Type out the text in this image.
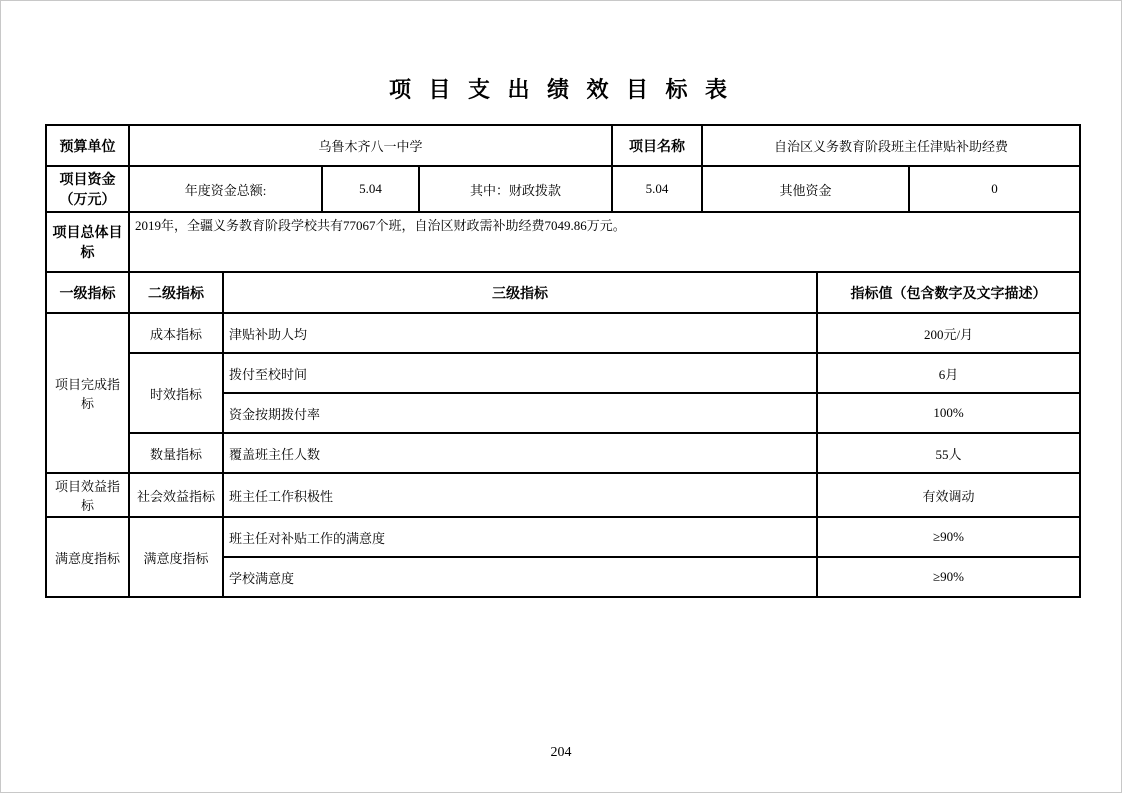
项 目 支 出 绩 效 目 标 表
预算单位	乌鲁木齐八一中学			项目名称	自治区义务教育阶段班主任津贴补助经费	
项目资金（万元）	年度资金总额:	5.04	其中：财政拨款	5.04	其他资金	0
项目总体目标	2019年，全疆义务教育阶段学校共有77067个班，自治区财政需补助经费7049.86万元。					
一级指标	二级指标	三级指标	指标值（包含数字及文字描述）
项目完成指标	成本指标	津贴补助人均	200元/月
	时效指标	拨付至校时间	6月
		资金按期拨付率	100%
	数量指标	覆盖班主任人数	55人
项目效益指标	社会效益指标	班主任工作积极性	有效调动
满意度指标	满意度指标	班主任对补贴工作的满意度	≥90%
		学校满意度	≥90%
204
